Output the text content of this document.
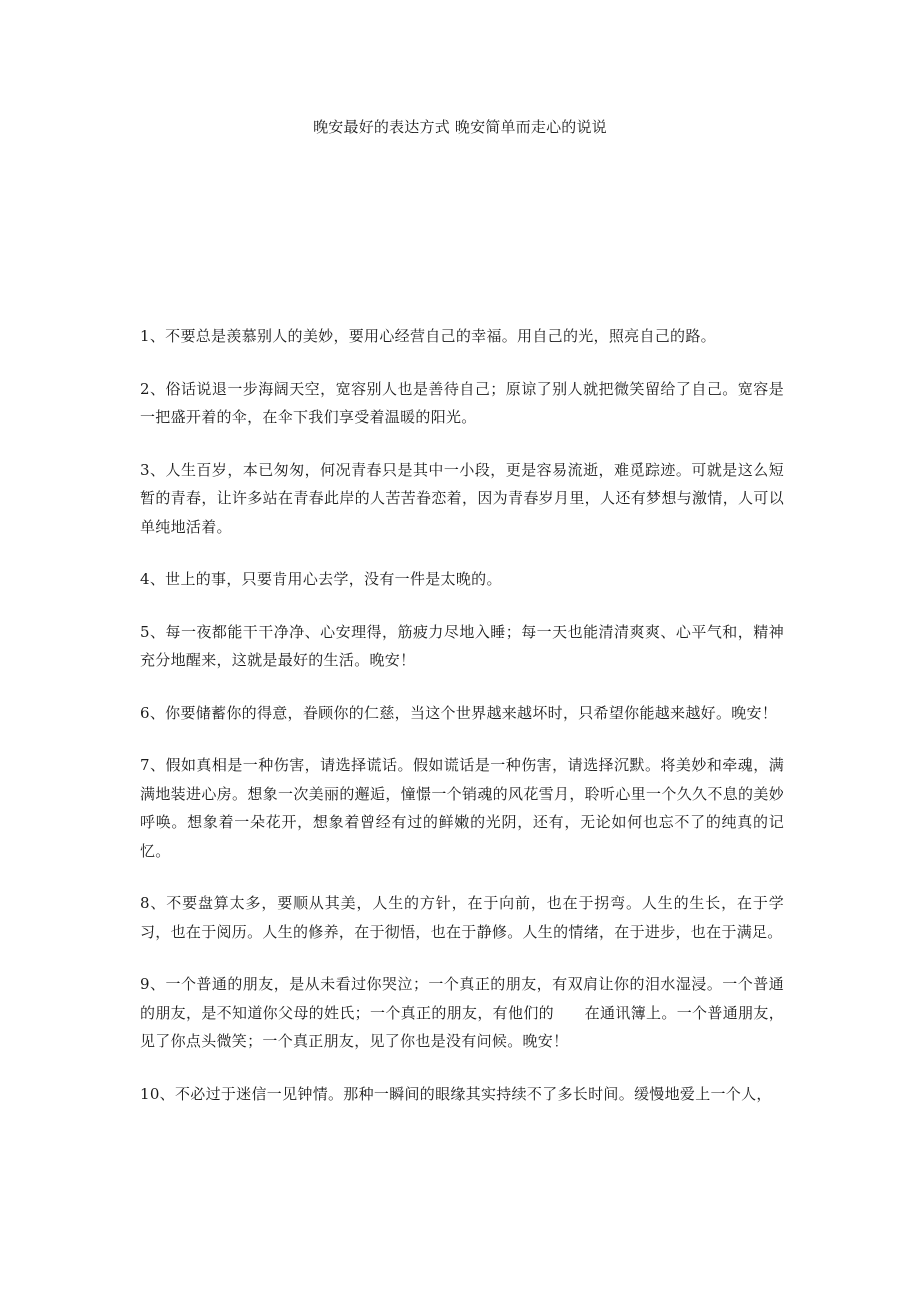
晚安最好的表达方式 晚安简单而走心的说说

1、不要总是羡慕别人的美妙，要用心经营自己的幸福。用自己的光，照亮自己的路。

2、俗话说退一步海阔天空，宽容别人也是善待自己；原谅了别人就把微笑留给了自己。宽容是一把盛开着的伞，在伞下我们享受着温暖的阳光。

3、人生百岁，本已匆匆，何况青春只是其中一小段，更是容易流逝，难觅踪迹。可就是这么短暂的青春，让许多站在青春此岸的人苦苦眷恋着，因为青春岁月里，人还有梦想与激情，人可以单纯地活着。

4、世上的事，只要肯用心去学，没有一件是太晚的。

5、每一夜都能干干净净、心安理得，筋疲力尽地入睡；每一天也能清清爽爽、心平气和，精神充分地醒来，这就是最好的生活。晚安！

6、你要储蓄你的得意，眷顾你的仁慈，当这个世界越来越坏时，只希望你能越来越好。晚安！

7、假如真相是一种伤害，请选择谎话。假如谎话是一种伤害，请选择沉默。将美妙和牵魂，满满地装进心房。想象一次美丽的邂逅，憧憬一个销魂的风花雪月，聆听心里一个久久不息的美妙呼唤。想象着一朵花开，想象着曾经有过的鲜嫩的光阴，还有，无论如何也忘不了的纯真的记忆。

8、不要盘算太多，要顺从其美，人生的方针，在于向前，也在于拐弯。人生的生长，在于学习，也在于阅历。人生的修养，在于彻悟，也在于静修。人生的情绪，在于进步，也在于满足。

9、一个普通的朋友，是从未看过你哭泣；一个真正的朋友，有双肩让你的泪水湿浸。一个普通的朋友，是不知道你父母的姓氏；一个真正的朋友，有他们的　　在通讯簿上。一个普通朋友，见了你点头微笑；一个真正朋友，见了你也是没有问候。晚安！

10、不必过于迷信一见钟情。那种一瞬间的眼缘其实持续不了多长时间。缓慢地爱上一个人，
